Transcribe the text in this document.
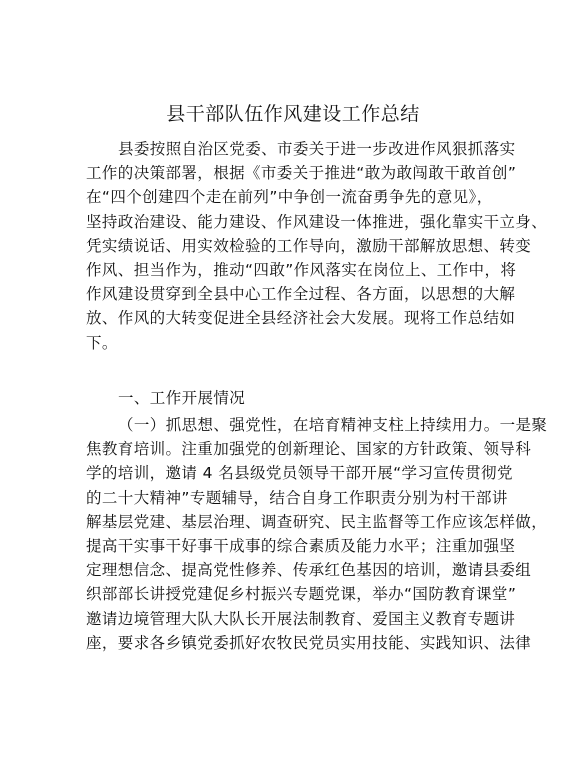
县干部队伍作风建设工作总结

县委按照自治区党委、市委关于进一步改进作风狠抓落实
工作的决策部署，根据《市委关于推进“敢为敢闯敢干敢首创”
在“四个创建四个走在前列”中争创一流奋勇争先的意见》，
坚持政治建设、能力建设、作风建设一体推进，强化靠实干立身、
凭实绩说话、用实效检验的工作导向，激励干部解放思想、转变
作风、担当作为，推动“四敢”作风落实在岗位上、工作中，将
作风建设贯穿到全县中心工作全过程、各方面，以思想的大解
放、作风的大转变促进全县经济社会大发展。现将工作总结如
下。

一、工作开展情况

（一）抓思想、强党性，在培育精神支柱上持续用力。一是聚
焦教育培训。注重加强党的创新理论、国家的方针政策、领导科
学的培训，邀请 4 名县级党员领导干部开展“学习宣传贯彻党
的二十大精神”专题辅导，结合自身工作职责分别为村干部讲
解基层党建、基层治理、调查研究、民主监督等工作应该怎样做，
提高干实事干好事干成事的综合素质及能力水平；注重加强坚
定理想信念、提高党性修养、传承红色基因的培训，邀请县委组
织部部长讲授党建促乡村振兴专题党课，举办“国防教育课堂”
邀请边境管理大队大队长开展法制教育、爱国主义教育专题讲
座，要求各乡镇党委抓好农牧民党员实用技能、实践知识、法律
